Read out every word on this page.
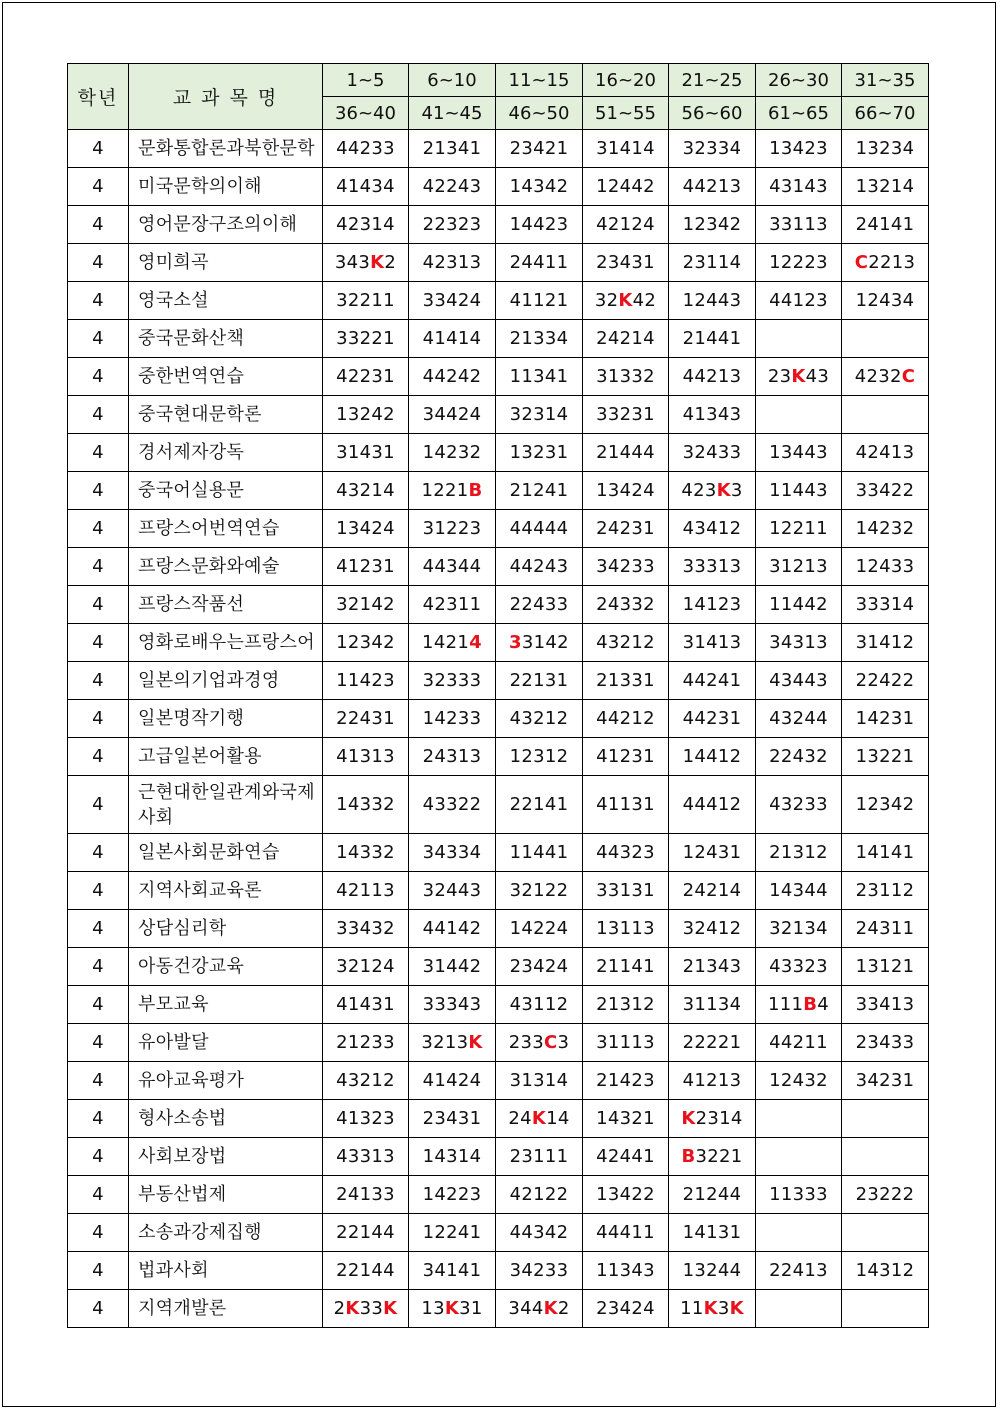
학년	교 과 목 명	1~5	6~10	11~15	16~20	21~25	26~30	31~35
		36~40	41~45	46~50	51~55	56~60	61~65	66~70
4	문화통합론과북한문학	44233	21341	23421	31414	32334	13423	13234
4	미국문학의이해	41434	42243	14342	12442	44213	43143	13214
4	영어문장구조의이해	42314	22323	14423	42124	12342	33113	24141
4	영미희곡	343K2	42313	24411	23431	23114	12223	C2213
4	영국소설	32211	33424	41121	32K42	12443	44123	12434
4	중국문화산책	33221	41414	21334	24214	21441		
4	중한번역연습	42231	44242	11341	31332	44213	23K43	4232C
4	중국현대문학론	13242	34424	32314	33231	41343		
4	경서제자강독	31431	14232	13231	21444	32433	13443	42413
4	중국어실용문	43214	1221B	21241	13424	423K3	11443	33422
4	프랑스어번역연습	13424	31223	44444	24231	43412	12211	14232
4	프랑스문화와예술	41231	44344	44243	34233	33313	31213	12433
4	프랑스작품선	32142	42311	22433	24332	14123	11442	33314
4	영화로배우는프랑스어	12342	14214	33142	43212	31413	34313	31412
4	일본의기업과경영	11423	32333	22131	21331	44241	43443	22422
4	일본명작기행	22431	14233	43212	44212	44231	43244	14231
4	고급일본어활용	41313	24313	12312	41231	14412	22432	13221
4	근현대한일관계와국제
사회	14332	43322	22141	41131	44412	43233	12342
4	일본사회문화연습	14332	34334	11441	44323	12431	21312	14141
4	지역사회교육론	42113	32443	32122	33131	24214	14344	23112
4	상담심리학	33432	44142	14224	13113	32412	32134	24311
4	아동건강교육	32124	31442	23424	21141	21343	43323	13121
4	부모교육	41431	33343	43112	21312	31134	111B4	33413
4	유아발달	21233	3213K	233C3	31113	22221	44211	23433
4	유아교육평가	43212	41424	31314	21423	41213	12432	34231
4	형사소송법	41323	23431	24K14	14321	K2314		
4	사회보장법	43313	14314	23111	42441	B3221		
4	부동산법제	24133	14223	42122	13422	21244	11333	23222
4	소송과강제집행	22144	12241	44342	44411	14131		
4	법과사회	22144	34141	34233	11343	13244	22413	14312
4	지역개발론	2K33K	13K31	344K2	23424	11K3K		
